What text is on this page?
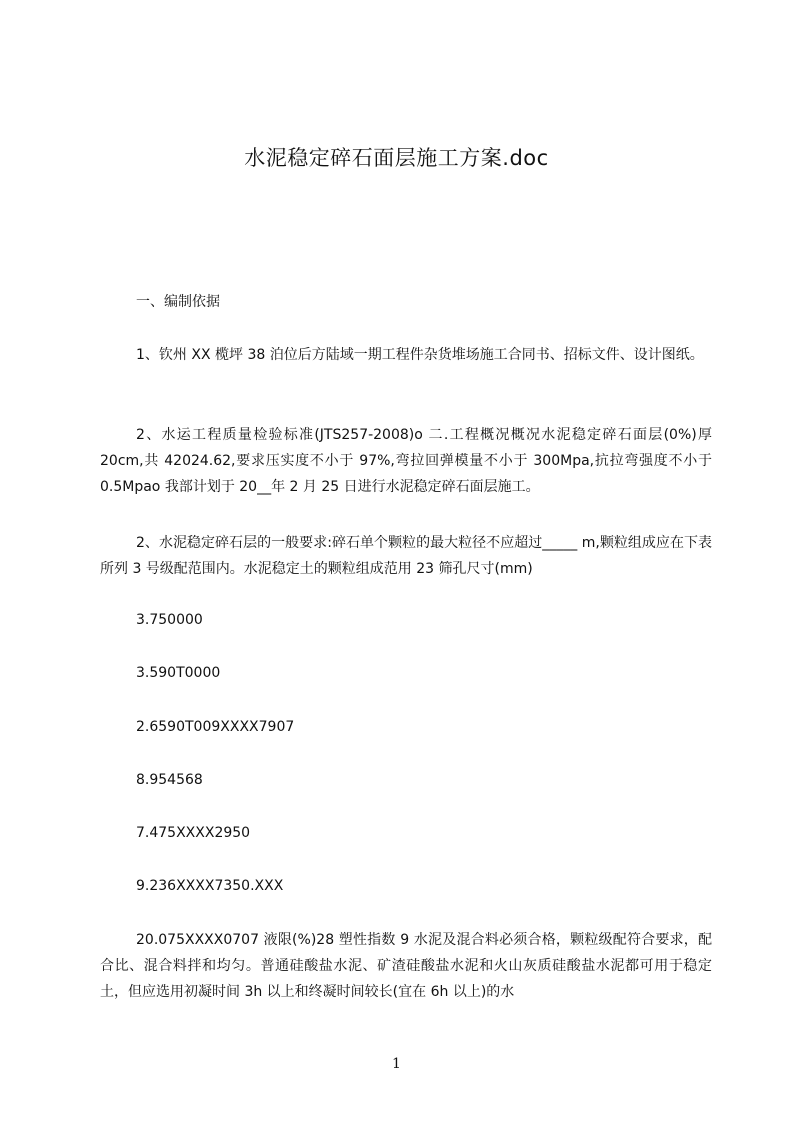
水泥稳定碎石面层施工方案.doc
一、编制依据

1、钦州 XX 榄坪 38 泊位后方陆域一期工程件杂货堆场施工合同书、招标文件、设计图纸。

2、水运工程质量检验标准(JTS257-2008)o 二.工程概况概况水泥稳定碎石面层(0%)厚 20cm,共 42024.62,要求压实度不小于 97%,弯拉回弹模量不小于 300Mpa,抗拉弯强度不小于 0.5Mpao 我部计划于 20__年 2 月 25 日进行水泥稳定碎石面层施工。

2、水泥稳定碎石层的一般要求:碎石单个颗粒的最大粒径不应超过_____ m,颗粒组成应在下表所列 3 号级配范围内。水泥稳定土的颗粒组成范用 23 筛孔尺寸(mm)

3.750000
3.590T0000
2.6590T009XXXX7907
8.954568
7.475XXXX2950
9.236XXXX7350.XXX

20.075XXXX0707 液限(%)28 塑性指数 9 水泥及混合料必须合格，颗粒级配符合要求，配合比、混合料拌和均匀。普通硅酸盐水泥、矿渣硅酸盐水泥和火山灰质硅酸盐水泥都可用于稳定土，但应选用初凝时间 3h 以上和终凝时间较长(宜在 6h 以上)的水

1
